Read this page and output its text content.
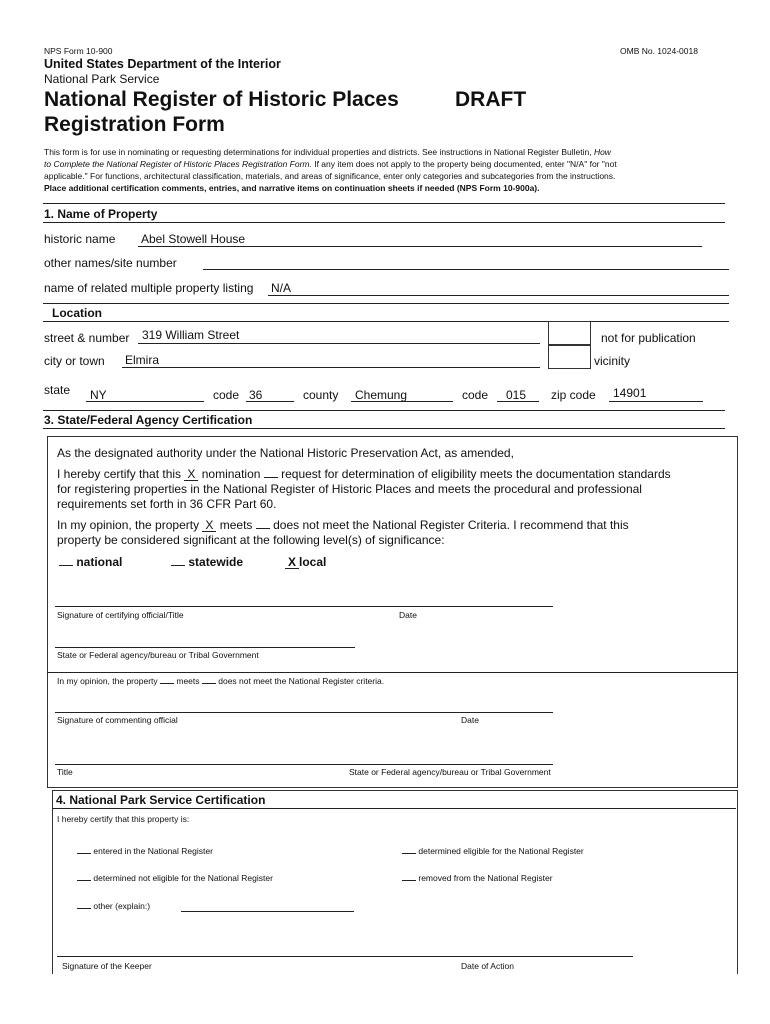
NPS Form 10-900	OMB No. 1024-0018
United States Department of the Interior
National Park Service
National Register of Historic Places	DRAFT
Registration Form
This form is for use in nominating or requesting determinations for individual properties and districts. See instructions in National Register Bulletin, How
to Complete the National Register of Historic Places Registration Form. If any item does not apply to the property being documented, enter "N/A" for "not
applicable." For functions, architectural classification, materials, and areas of significance, enter only categories and subcategories from the instructions.
Place additional certification comments, entries, and narrative items on continuation sheets if needed (NPS Form 10-900a).
1. Name of Property
historic name Abel Stowell House
other names/site number
name of related multiple property listing N/A
Location
street & number 319 William Street	not for publication
city or town Elmira	vicinity
state NY	code 36	county Chemung	code 015 zip code 14901
3. State/Federal Agency Certification
As the designated authority under the National Historic Preservation Act, as amended,
I hereby certify that this X nomination  request for determination of eligibility meets the documentation standards
for registering properties in the National Register of Historic Places and meets the procedural and professional
requirements set forth in 36 CFR Part 60.
In my opinion, the property X meets  does not meet the National Register Criteria. I recommend that this
property be considered significant at the following level(s) of significance:
national	statewide	X local
Signature of certifying official/Title	Date
State or Federal agency/bureau or Tribal Government
In my opinion, the property  meets  does not meet the National Register criteria.
Signature of commenting official	Date
Title	State or Federal agency/bureau or Tribal Government
4. National Park Service Certification
I hereby certify that this property is:
entered in the National Register	determined eligible for the National Register
determined not eligible for the National Register	removed from the National Register
other (explain:)
Signature of the Keeper	Date of Action
